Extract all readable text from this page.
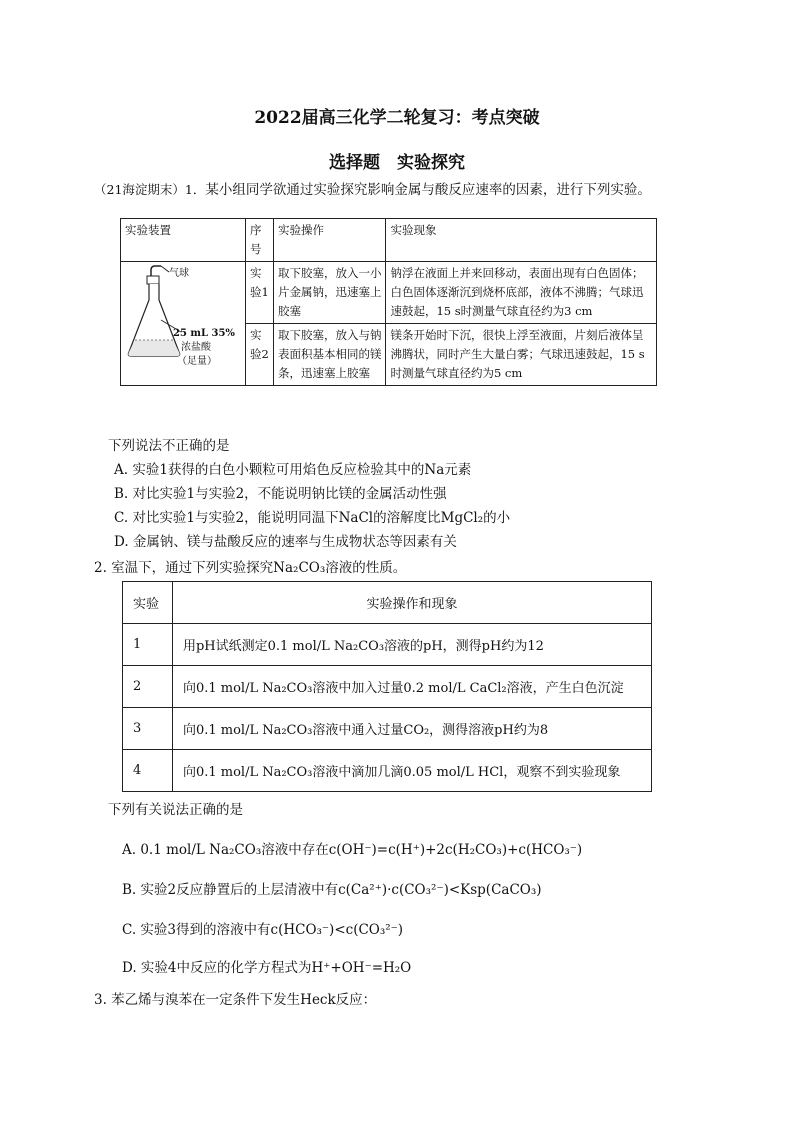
2022届高三化学二轮复习：考点突破
选择题　实验探究
（21海淀期末）1．某小组同学欲通过实验探究影响金属与酸反应速率的因素，进行下列实验。
实验装置	序号	实验操作	实验现象

气球
25 mL 35%
浓盐酸
（足量）	实验1	取下胶塞，放入一小片金属钠，迅速塞上胶塞	钠浮在液面上并来回移动，表面出现有白色固体；白色固体逐渐沉到烧杯底部，液体不沸腾；气球迅速鼓起，15 s时测量气球直径约为3 cm
	实验2	取下胶塞，放入与钠表面积基本相同的镁条，迅速塞上胶塞	镁条开始时下沉，很快上浮至液面，片刻后液体呈沸腾状，同时产生大量白雾；气球迅速鼓起，15 s时测量气球直径约为5 cm
下列说法不正确的是
A. 实验1获得的白色小颗粒可用焰色反应检验其中的Na元素
B. 对比实验1与实验2，不能说明钠比镁的金属活动性强
C. 对比实验1与实验2，能说明同温下NaCl的溶解度比MgCl₂的小
D. 金属钠、镁与盐酸反应的速率与生成物状态等因素有关
2. 室温下，通过下列实验探究Na₂CO₃溶液的性质。
实验	实验操作和现象
1	用pH试纸测定0.1 mol/L Na₂CO₃溶液的pH，测得pH约为12
2	向0.1 mol/L Na₂CO₃溶液中加入过量0.2 mol/L CaCl₂溶液，产生白色沉淀
3	向0.1 mol/L Na₂CO₃溶液中通入过量CO₂，测得溶液pH约为8
4	向0.1 mol/L Na₂CO₃溶液中滴加几滴0.05 mol/L HCl，观察不到实验现象
下列有关说法正确的是
A. 0.1 mol/L Na₂CO₃溶液中存在c(OH⁻)=c(H⁺)+2c(H₂CO₃)+c(HCO₃⁻)
B. 实验2反应静置后的上层清液中有c(Ca²⁺)·c(CO₃²⁻)<Ksp(CaCO₃)
C. 实验3得到的溶液中有c(HCO₃⁻)<c(CO₃²⁻)
D. 实验4中反应的化学方程式为H⁺+OH⁻=H₂O
3. 苯乙烯与溴苯在一定条件下发生Heck反应：
